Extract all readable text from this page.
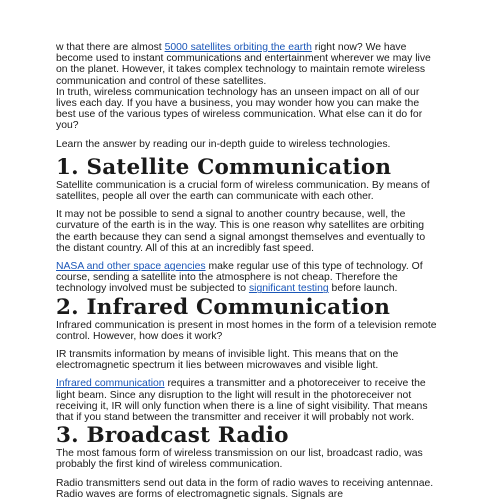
w that there are almost 5000 satellites orbiting the earth right now? We have become used to instant communications and entertainment wherever we may live on the planet. However, it takes complex technology to maintain remote wireless communication and control of these satellites.

In truth, wireless communication technology has an unseen impact on all of our lives each day. If you have a business, you may wonder how you can make the best use of the various types of wireless communication. What else can it do for you?

Learn the answer by reading our in-depth guide to wireless technologies.

1. Satellite Communication

Satellite communication is a crucial form of wireless communication. By means of satellites, people all over the earth can communicate with each other.

It may not be possible to send a signal to another country because, well, the curvature of the earth is in the way. This is one reason why satellites are orbiting the earth because they can send a signal amongst themselves and eventually to the distant country. All of this at an incredibly fast speed.

NASA and other space agencies make regular use of this type of technology. Of course, sending a satellite into the atmosphere is not cheap. Therefore the technology involved must be subjected to significant testing before launch.

2. Infrared Communication

Infrared communication is present in most homes in the form of a television remote control. However, how does it work?

IR transmits information by means of invisible light. This means that on the electromagnetic spectrum it lies between microwaves and visible light.

Infrared communication requires a transmitter and a photoreceiver to receive the light beam. Since any disruption to the light will result in the photoreceiver not receiving it, IR will only function when there is a line of sight visibility. That means that if you stand between the transmitter and receiver it will probably not work.

3. Broadcast Radio

The most famous form of wireless transmission on our list, broadcast radio, was probably the first kind of wireless communication.

Radio transmitters send out data in the form of radio waves to receiving antennae. Radio waves are forms of electromagnetic signals. Signals are
